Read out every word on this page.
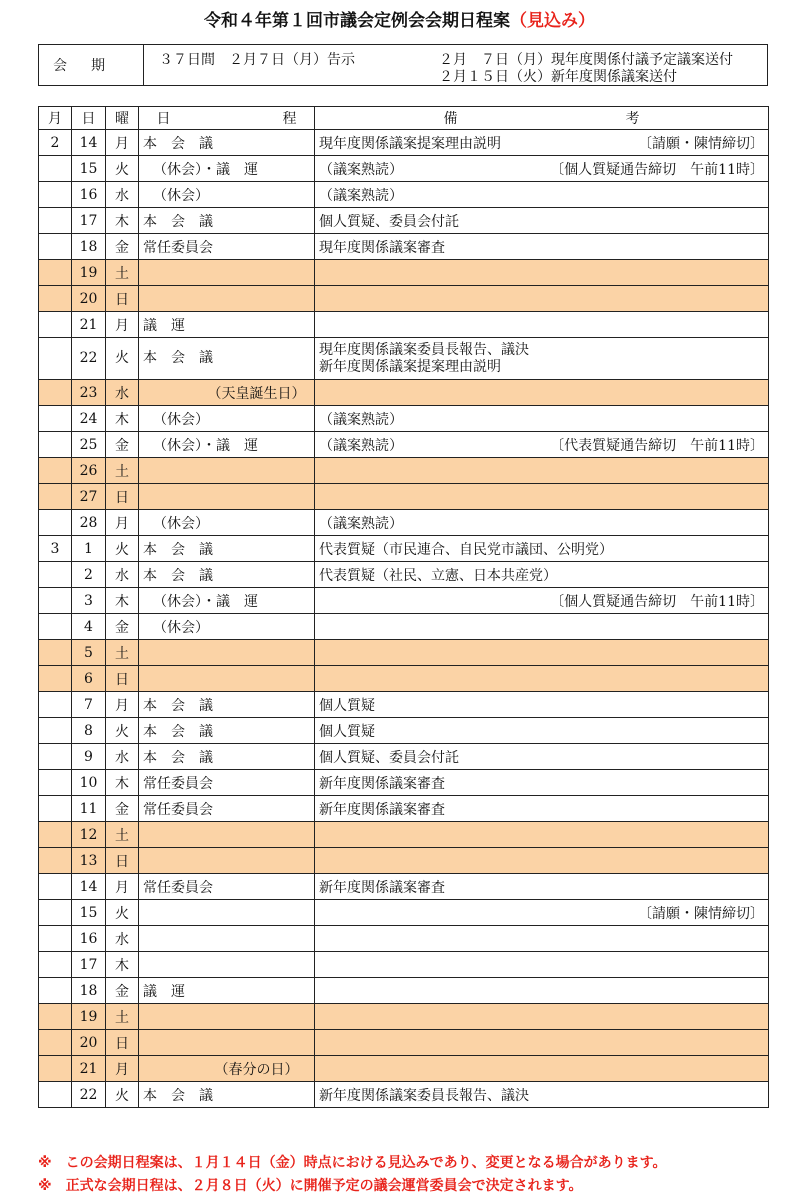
令和４年第１回市議会定例会会期日程案（見込み）
会期	３７日間　２月７日（月）告示	２月　７日（月）現年度関係付議予定議案送付
２月１５日（火）新年度関係議案送付
月	日	曜	日　　　　　　　　程	備　　　　　　　　　　　　考
2	14	月	本　会　議	現年度関係議案提案理由説明 〔請願・陳情締切〕

	15	火	（休会）・議　運	（議案熟読） 〔個人質疑通告締切　午前11時〕

	16	水	（休会）	（議案熟読）

	17	木	本　会　議	個人質疑、委員会付託

	18	金	常任委員会	現年度関係議案審査

	19	土		

	20	日		

	21	月	議　運	

	22	火	本　会　議	現年度関係議案委員長報告、議決
新年度関係議案提案理由説明

	23	水	（天皇誕生日）	

	24	木	（休会）	（議案熟読）

	25	金	（休会）・議　運	（議案熟読） 〔代表質疑通告締切　午前11時〕

	26	土		

	27	日		

	28	月	（休会）	（議案熟読）

3	1	火	本　会　議	代表質疑（市民連合、自民党市議団、公明党）

	2	水	本　会　議	代表質疑（社民、立憲、日本共産党）

	3	木	（休会）・議　運	〔個人質疑通告締切　午前11時〕

	4	金	（休会）	

	5	土		

	6	日		

	7	月	本　会　議	個人質疑

	8	火	本　会　議	個人質疑

	9	水	本　会　議	個人質疑、委員会付託

	10	木	常任委員会	新年度関係議案審査

	11	金	常任委員会	新年度関係議案審査

	12	土		

	13	日		

	14	月	常任委員会	新年度関係議案審査

	15	火		〔請願・陳情締切〕

	16	水		

	17	木		

	18	金	議　運	

	19	土		

	20	日		

	21	月	（春分の日）	

	22	火	本　会　議	新年度関係議案委員長報告、議決
※　この会期日程案は、１月１４日（金）時点における見込みであり、変更となる場合があります。
※　正式な会期日程は、２月８日（火）に開催予定の議会運営委員会で決定されます。
